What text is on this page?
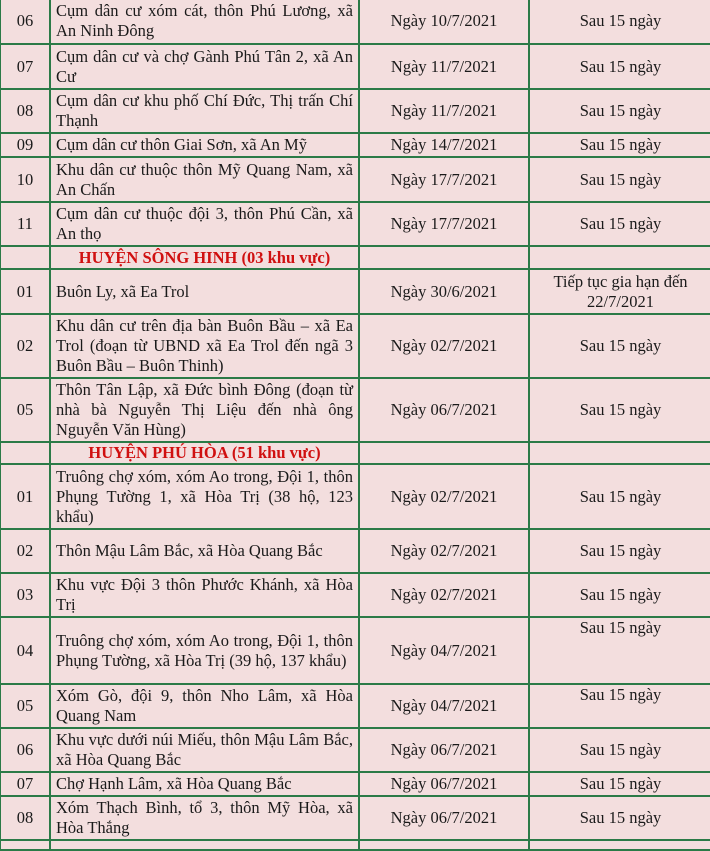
06	Cụm dân cư xóm cát, thôn Phú Lương, xã An Ninh Đông	Ngày 10/7/2021	Sau 15 ngày
07	Cụm dân cư và chợ Gành Phú Tân 2, xã An Cư	Ngày 11/7/2021	Sau 15 ngày
08	Cụm dân cư khu phố Chí Đức, Thị trấn Chí Thạnh	Ngày 11/7/2021	Sau 15 ngày
09	Cụm dân cư thôn Giai Sơn, xã An Mỹ	Ngày 14/7/2021	Sau 15 ngày
10	Khu dân cư thuộc thôn Mỹ Quang Nam, xã An Chấn	Ngày 17/7/2021	Sau 15 ngày
11	Cụm dân cư thuộc đội 3, thôn Phú Cần, xã An thọ	Ngày 17/7/2021	Sau 15 ngày
	HUYỆN SÔNG HINH (03 khu vực)		
01	Buôn Ly, xã Ea Trol	Ngày 30/6/2021	Tiếp tục gia hạn đến 22/7/2021
02	Khu dân cư trên địa bàn Buôn Bầu – xã Ea Trol (đoạn từ UBND xã Ea Trol đến ngã 3 Buôn Bầu – Buôn Thinh)	Ngày 02/7/2021	Sau 15 ngày
05	Thôn Tân Lập, xã Đức bình Đông (đoạn từ nhà bà Nguyễn Thị Liệu đến nhà ông Nguyễn Văn Hùng)	Ngày 06/7/2021	Sau 15 ngày
	HUYỆN PHÚ HÒA (51 khu vực)		
01	Truông chợ xóm, xóm Ao trong, Đội 1, thôn Phụng Tường 1, xã Hòa Trị (38 hộ, 123 khẩu)	Ngày 02/7/2021	Sau 15 ngày
02	Thôn Mậu Lâm Bắc, xã Hòa Quang Bắc	Ngày 02/7/2021	Sau 15 ngày
03	Khu vực Đội 3 thôn Phước Khánh, xã Hòa Trị	Ngày 02/7/2021	Sau 15 ngày
04	Truông chợ xóm, xóm Ao trong, Đội 1, thôn Phụng Tường, xã Hòa Trị (39 hộ, 137 khẩu)	Ngày 04/7/2021	Sau 15 ngày
05	Xóm Gò, đội 9, thôn Nho Lâm, xã Hòa Quang Nam	Ngày 04/7/2021	Sau 15 ngày
06	Khu vực dưới núi Miếu, thôn Mậu Lâm Bắc, xã Hòa Quang Bắc	Ngày 06/7/2021	Sau 15 ngày
07	Chợ Hạnh Lâm, xã Hòa Quang Bắc	Ngày 06/7/2021	Sau 15 ngày
08	Xóm Thạch Bình, tổ 3, thôn Mỹ Hòa, xã Hòa Thắng	Ngày 06/7/2021	Sau 15 ngày
